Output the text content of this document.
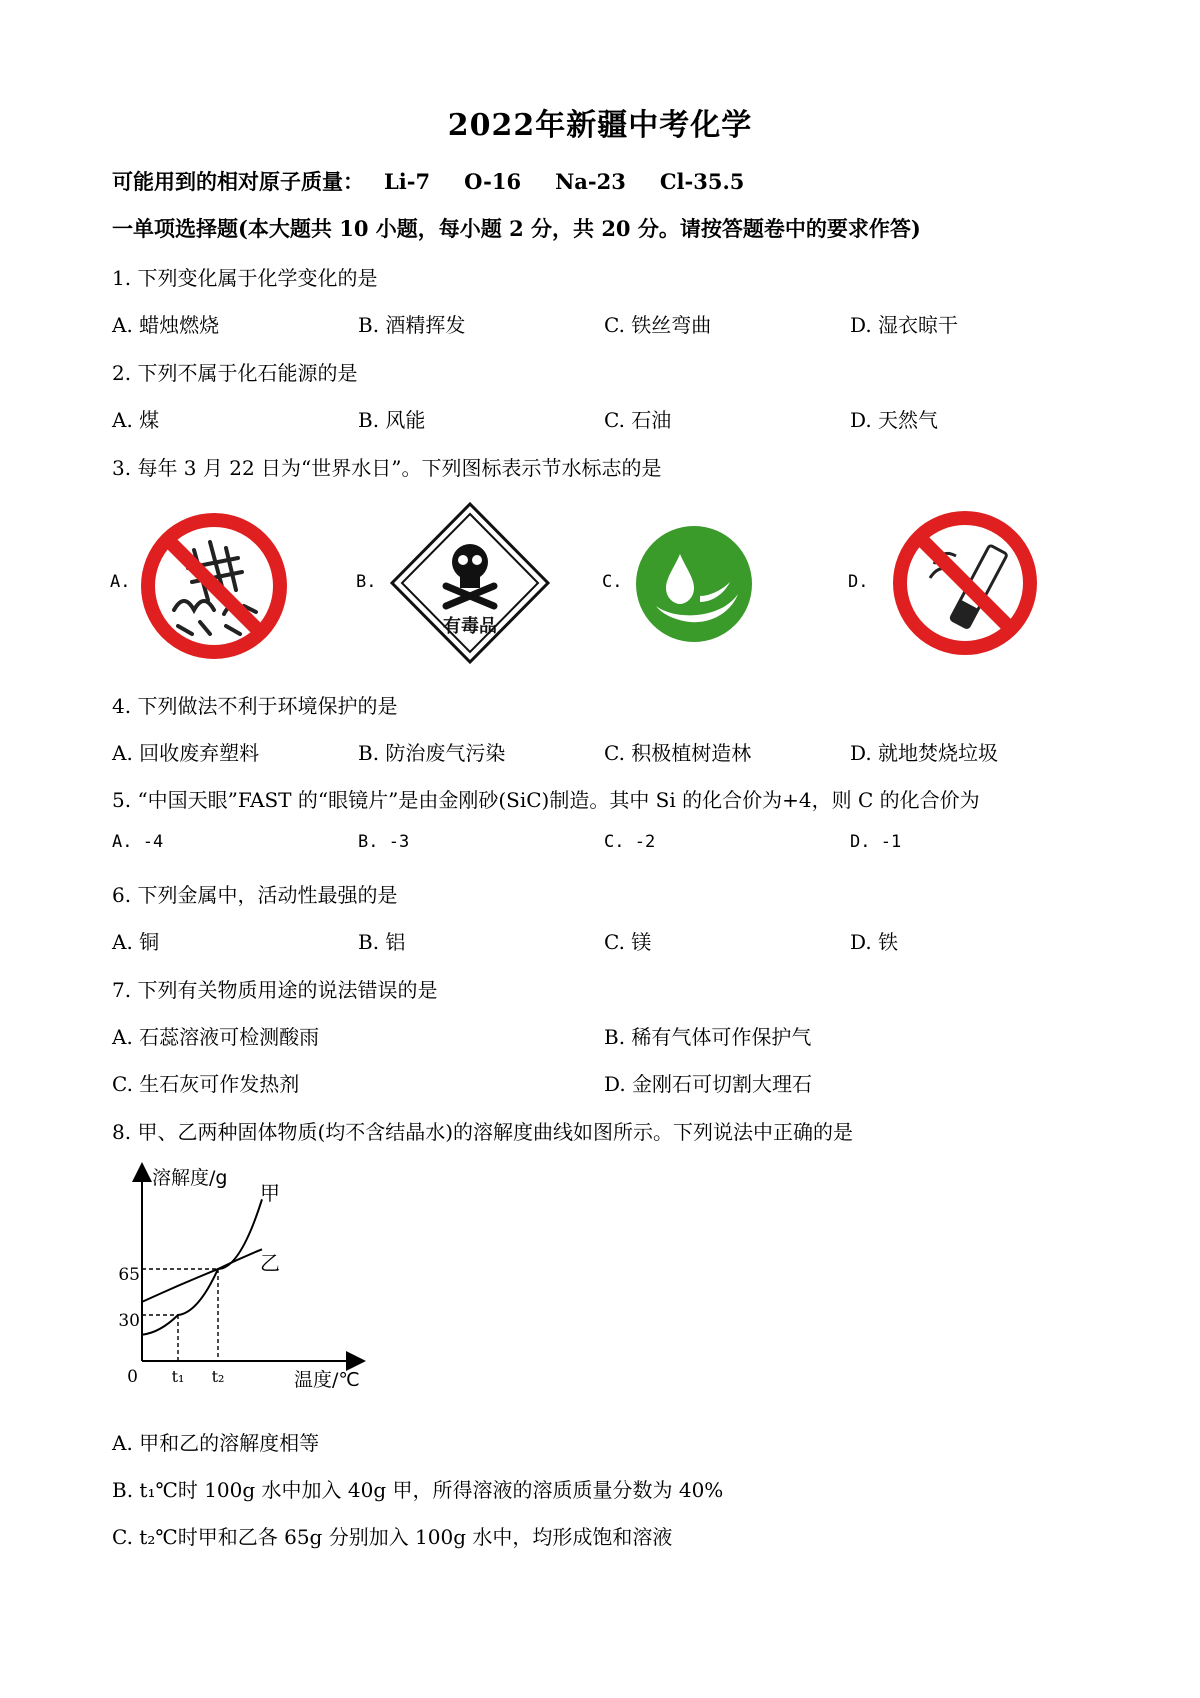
2022年新疆中考化学
可能用到的相对原子质量： Li-7 O-16 Na-23 Cl-35.5
一单项选择题(本大题共 10 小题，每小题 2 分，共 20 分。请按答题卷中的要求作答)
1. 下列变化属于化学变化的是
A. 蜡烛燃烧	B. 酒精挥发	C. 铁丝弯曲	D. 湿衣晾干
2. 下列不属于化石能源的是
A. 煤	B. 风能	C. 石油	D. 天然气
3. 每年 3 月 22 日为“世界水日”。下列图标表示节水标志的是
A.	B.
有毒品
C.	D.
4. 下列做法不利于环境保护的是
A. 回收废弃塑料	B. 防治废气污染	C. 积极植树造林	D. 就地焚烧垃圾
5. “中国天眼”FAST 的“眼镜片”是由金刚砂(SiC)制造。其中 Si 的化合价为+4，则 C 的化合价为
A. -4	B. -3	C. -2	D. -1
6. 下列金属中，活动性最强的是
A. 铜	B. 铝	C. 镁	D. 铁
7. 下列有关物质用途的说法错误的是
A. 石蕊溶液可检测酸雨	B. 稀有气体可作保护气
C. 生石灰可作发热剂	D. 金刚石可切割大理石
8. 甲、乙两种固体物质(均不含结晶水)的溶解度曲线如图所示。下列说法中正确的是
溶解度/g
温度/℃
0
65
30
t₁ t₂
甲
乙
A. 甲和乙的溶解度相等
B. t₁℃时 100g 水中加入 40g 甲，所得溶液的溶质质量分数为 40%
C. t₂℃时甲和乙各 65g 分别加入 100g 水中，均形成饱和溶液
